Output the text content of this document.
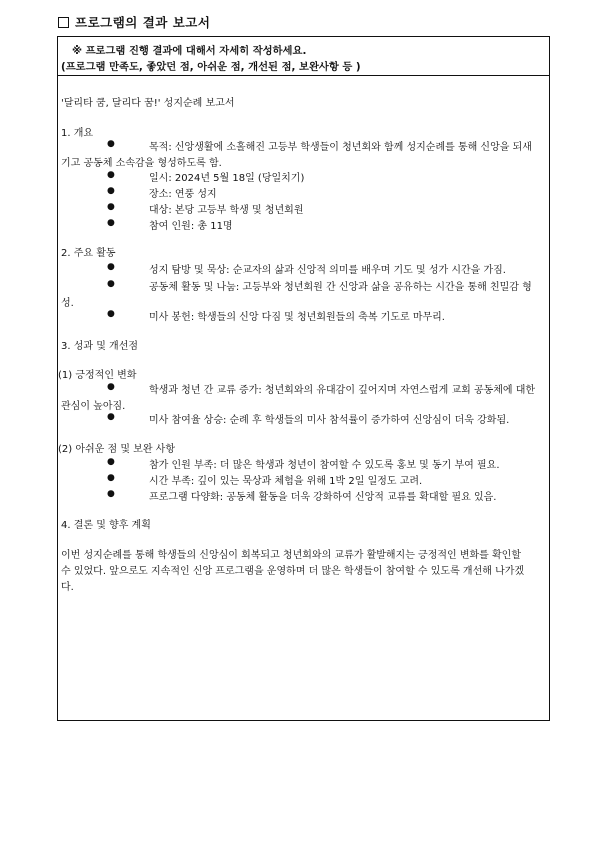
프로그램의 결과 보고서
※ 프로그램 진행 결과에 대해서 자세히 작성하세요.
(프로그램 만족도, 좋았던 점, 아쉬운 점, 개선된 점, 보완사항 등 )
'달리타 쿰, 달리다 꿈!' 성지순례 보고서
1. 개요
●	목적: 신앙생활에 소홀해진 고등부 학생들이 청년회와 함께 성지순례를 통해 신앙을 되새
기고 공동체 소속감을 형성하도록 함.
●	일시: 2024년 5월 18일 (당일치기)
●	장소: 연풍 성지
●	대상: 본당 고등부 학생 및 청년회원
●	참여 인원: 총 11명
2. 주요 활동
●	성지 탐방 및 묵상: 순교자의 삶과 신앙적 의미를 배우며 기도 및 성가 시간을 가짐.
●	공동체 활동 및 나눔: 고등부와 청년회원 간 신앙과 삶을 공유하는 시간을 통해 친밀감 형
성.
●	미사 봉헌: 학생들의 신앙 다짐 및 청년회원들의 축복 기도로 마무리.
3. 성과 및 개선점
(1) 긍정적인 변화
●	학생과 청년 간 교류 증가: 청년회와의 유대감이 깊어지며 자연스럽게 교회 공동체에 대한
관심이 높아짐.
●	미사 참여율 상승: 순례 후 학생들의 미사 참석률이 증가하여 신앙심이 더욱 강화됨.
(2) 아쉬운 점 및 보완 사항
●	참가 인원 부족: 더 많은 학생과 청년이 참여할 수 있도록 홍보 및 동기 부여 필요.
●	시간 부족: 깊이 있는 묵상과 체험을 위해 1박 2일 일정도 고려.
●	프로그램 다양화: 공동체 활동을 더욱 강화하여 신앙적 교류를 확대할 필요 있음.
4. 결론 및 향후 계획
이번 성지순례를 통해 학생들의 신앙심이 회복되고 청년회와의 교류가 활발해지는 긍정적인 변화를 확인할
수 있었다. 앞으로도 지속적인 신앙 프로그램을 운영하며 더 많은 학생들이 참여할 수 있도록 개선해 나가겠
다.
